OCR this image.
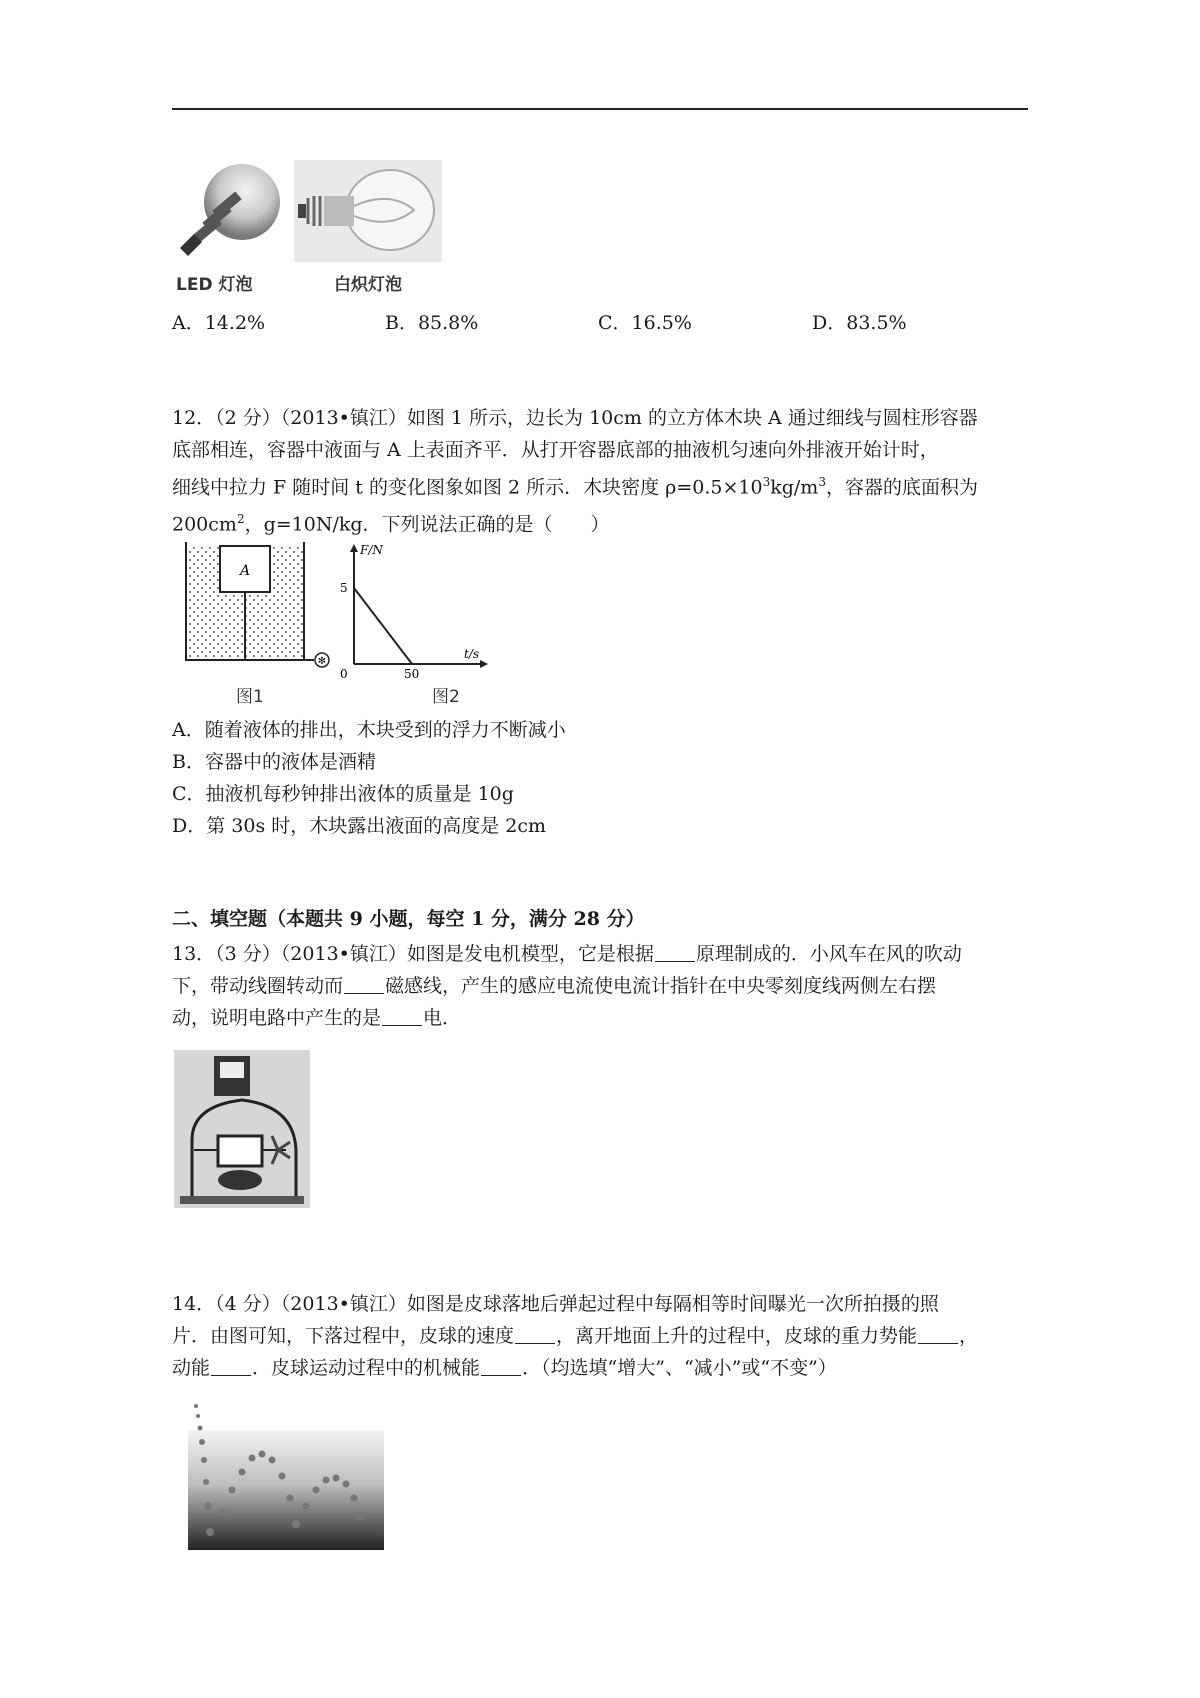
LED 灯泡	白炽灯泡
A．14.2%	B．85.8%	C．16.5%	D．83.5%
12．（2 分）（2013•镇江）如图 1 所示，边长为 10cm 的立方体木块 A 通过细线与圆柱形容器
底部相连，容器中液面与 A 上表面齐平．从打开容器底部的抽液机匀速向外排液开始计时，
细线中拉力 F 随时间 t 的变化图象如图 2 所示．木块密度 $\rho=0.5\times 10^3kg/m^3$，容器的底面积为
$200cm^2$，g=10N/kg．下列说法正确的是（　　）
A
✻
图1
F/N
t/s
5
50
0
图2
A．随着液体的排出，木块受到的浮力不断减小
B．容器中的液体是酒精
C．抽液机每秒钟排出液体的质量是 10g
D．第 30s 时，木块露出液面的高度是 2cm
二、填空题（本题共 9 小题，每空 1 分，满分 28 分）
13．（3 分）（2013•镇江）如图是发电机模型，它是根据 原理制成的．小风车在风的吹动
下，带动线圈转动而 磁感线，产生的感应电流使电流计指针在中央零刻度线两侧左右摆
动，说明电路中产生的是 电．
14．（4 分）（2013•镇江）如图是皮球落地后弹起过程中每隔相等时间曝光一次所拍摄的照
片．由图可知，下落过程中，皮球的速度 ，离开地面上升的过程中，皮球的重力势能 ，
动能 ．皮球运动过程中的机械能 ．（均选填“增大”、“减小”或“不变”）
